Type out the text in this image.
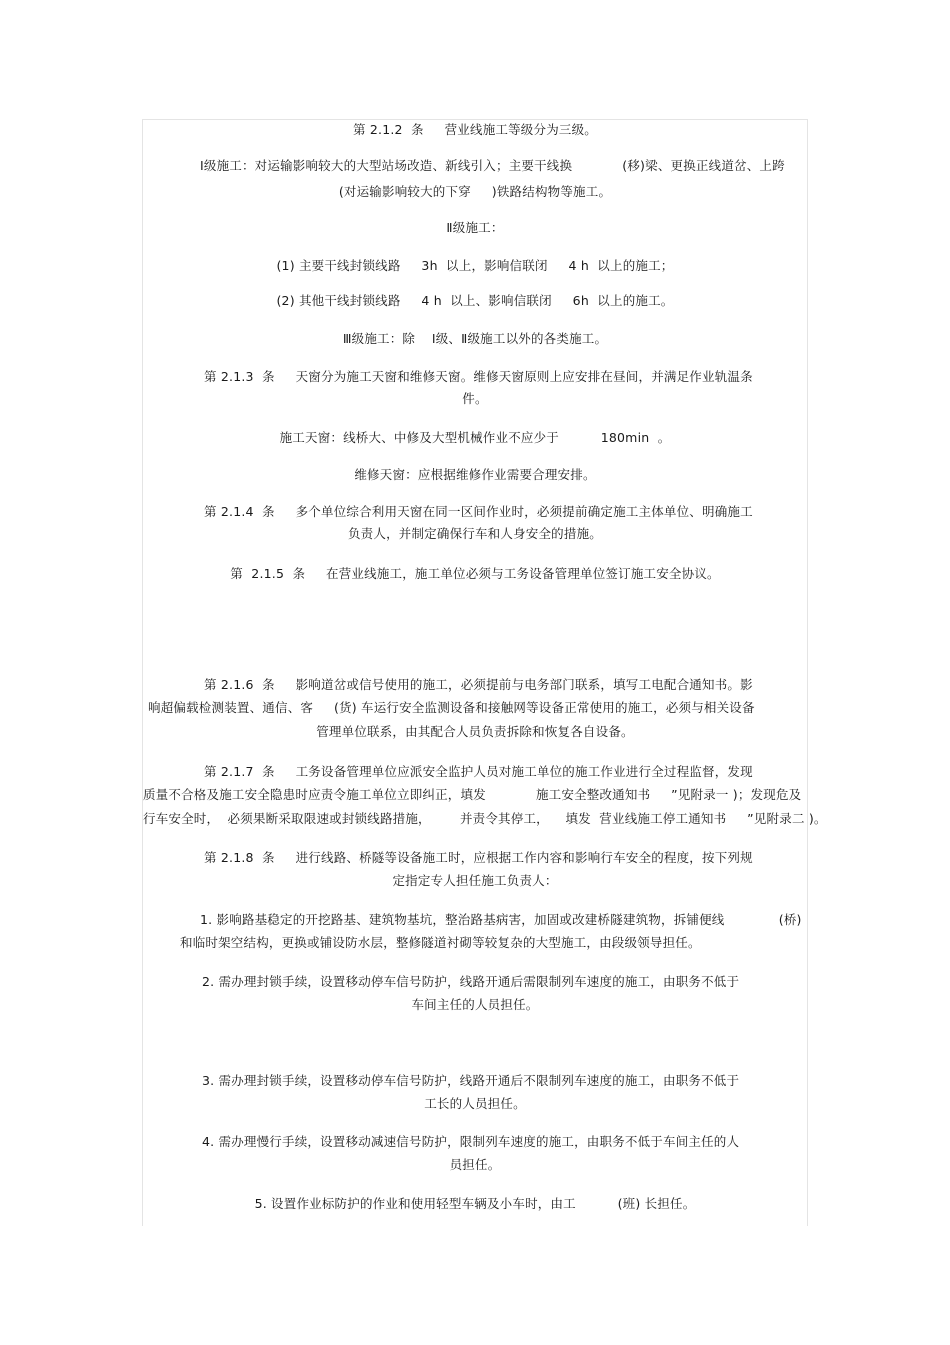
第 2.1.2  条     营业线施工等级分为三级。
Ⅰ级施工：对运输影响较大的大型站场改造、新线引入；主要干线换            (移)梁、更换正线道岔、上跨
(对运输影响较大的下穿     )铁路结构物等施工。
Ⅱ级施工：
(1) 主要干线封锁线路     3h  以上，影响信联闭     4 h  以上的施工；
(2) 其他干线封锁线路     4 h  以上、影响信联闭     6h  以上的施工。
Ⅲ级施工：除    Ⅰ级、Ⅱ级施工以外的各类施工。
第 2.1.3  条     天窗分为施工天窗和维修天窗。维修天窗原则上应安排在昼间，并满足作业轨温条
件。
施工天窗：线桥大、中修及大型机械作业不应少于          180min  。
维修天窗：应根据维修作业需要合理安排。
第 2.1.4  条     多个单位综合利用天窗在同一区间作业时，必须提前确定施工主体单位、明确施工
负责人，并制定确保行车和人身安全的措施。
第  2.1.5  条     在营业线施工，施工单位必须与工务设备管理单位签订施工安全协议。
第 2.1.6  条     影响道岔或信号使用的施工，必须提前与电务部门联系，填写工电配合通知书。影
响超偏载检测装置、通信、客     (货) 车运行安全监测设备和接触网等设备正常使用的施工，必须与相关设备
管理单位联系，由其配合人员负责拆除和恢复各自设备。
第 2.1.7  条     工务设备管理单位应派安全监护人员对施工单位的施工作业进行全过程监督，发现
质量不合格及施工安全隐患时应责令施工单位立即纠正，填发            施工安全整改通知书     ”见附录一 )；发现危及
行车安全时，  必须果断采取限速或封锁线路措施，       并责令其停工，    填发  营业线施工停工通知书     ”见附录二 )。
第 2.1.8  条     进行线路、桥隧等设备施工时，应根据工作内容和影响行车安全的程度，按下列规
定指定专人担任施工负责人：
1. 影响路基稳定的开挖路基、建筑物基坑，整治路基病害，加固或改建桥隧建筑物，拆铺便线             (桥)
和临时架空结构，更换或铺设防水层，整修隧道衬砌等较复杂的大型施工，由段级领导担任。
2. 需办理封锁手续，设置移动停车信号防护，线路开通后需限制列车速度的施工，由职务不低于
车间主任的人员担任。
3. 需办理封锁手续，设置移动停车信号防护，线路开通后不限制列车速度的施工，由职务不低于
工长的人员担任。
4. 需办理慢行手续，设置移动减速信号防护，限制列车速度的施工，由职务不低于车间主任的人
员担任。
5. 设置作业标防护的作业和使用轻型车辆及小车时，由工          (班) 长担任。
